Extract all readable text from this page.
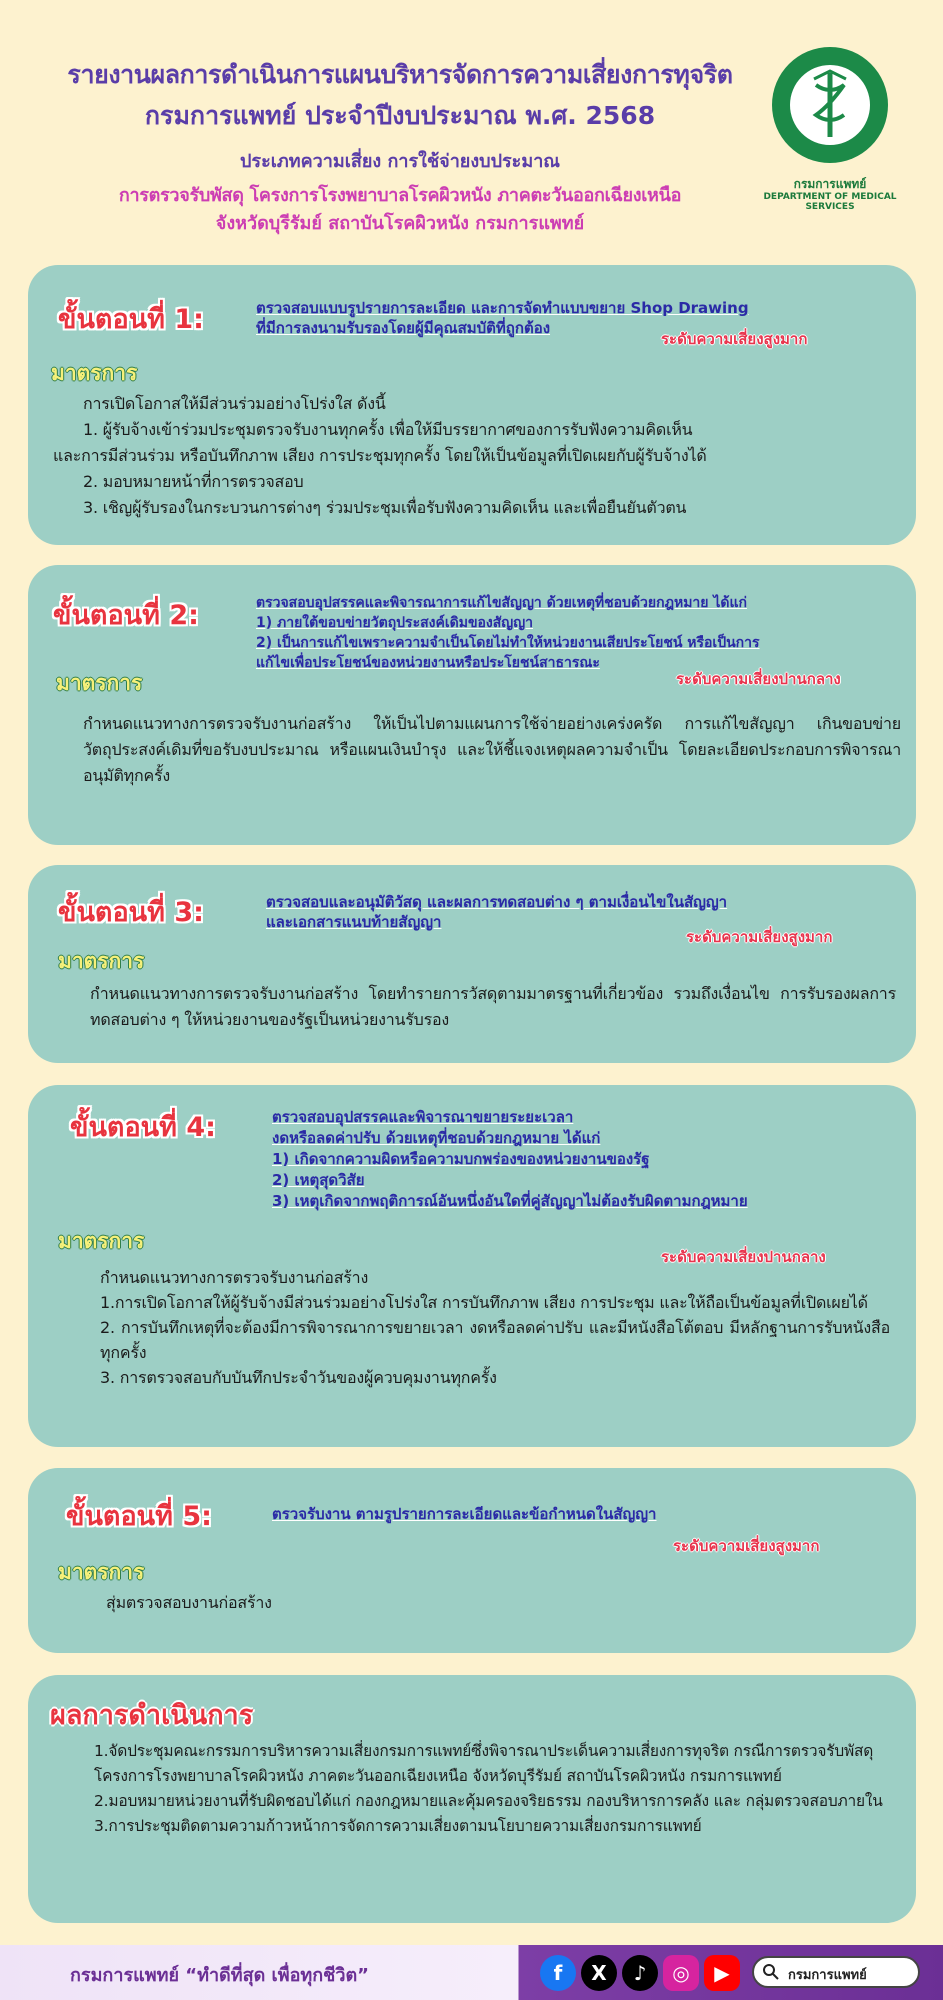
รายงานผลการดำเนินการแผนบริหารจัดการความเสี่ยงการทุจริต
กรมการแพทย์ ประจำปีงบประมาณ พ.ศ. 2568
ประเภทความเสี่ยง การใช้จ่ายงบประมาณ
การตรวจรับพัสดุ โครงการโรงพยาบาลโรคผิวหนัง ภาคตะวันออกเฉียงเหนือ
จังหวัดบุรีรัมย์ สถาบันโรคผิวหนัง กรมการแพทย์
กรมการแพทย์
DEPARTMENT OF MEDICAL SERVICES
ขั้นตอนที่ 1:	ตรวจสอบแบบรูปรายการละเอียด และการจัดทำแบบขยาย Shop Drawing
ที่มีการลงนามรับรองโดยผู้มีคุณสมบัติที่ถูกต้อง
ระดับความเสี่ยงสูงมาก
มาตรการ
การเปิดโอกาสให้มีส่วนร่วมอย่างโปร่งใส ดังนี้
1. ผู้รับจ้างเข้าร่วมประชุมตรวจรับงานทุกครั้ง เพื่อให้มีบรรยากาศของการรับฟังความคิดเห็น
และการมีส่วนร่วม หรือบันทึกภาพ เสียง การประชุมทุกครั้ง โดยให้เป็นข้อมูลที่เปิดเผยกับผู้รับจ้างได้
2. มอบหมายหน้าที่การตรวจสอบ
3. เชิญผู้รับรองในกระบวนการต่างๆ ร่วมประชุมเพื่อรับฟังความคิดเห็น และเพื่อยืนยันตัวตน
ขั้นตอนที่ 2:	ตรวจสอบอุปสรรคและพิจารณาการแก้ไขสัญญา ด้วยเหตุที่ชอบด้วยกฎหมาย ได้แก่
1) ภายใต้ขอบข่ายวัตถุประสงค์เดิมของสัญญา
2) เป็นการแก้ไขเพราะความจำเป็นโดยไม่ทำให้หน่วยงานเสียประโยชน์ หรือเป็นการ
แก้ไขเพื่อประโยชน์ของหน่วยงานหรือประโยชน์สาธารณะ
ระดับความเสี่ยงปานกลาง
มาตรการ
กำหนดแนวทางการตรวจรับงานก่อสร้าง ให้เป็นไปตามแผนการใช้จ่ายอย่างเคร่งครัด การแก้ไขสัญญา เกินขอบข่ายวัตถุประสงค์เดิมที่ขอรับงบประมาณ หรือแผนเงินบำรุง และให้ชี้แจงเหตุผลความจำเป็น โดยละเอียดประกอบการพิจารณาอนุมัติทุกครั้ง
ขั้นตอนที่ 3:	ตรวจสอบและอนุมัติวัสดุ และผลการทดสอบต่าง ๆ ตามเงื่อนไขในสัญญา
และเอกสารแนบท้ายสัญญา
ระดับความเสี่ยงสูงมาก
มาตรการ
กำหนดแนวทางการตรวจรับงานก่อสร้าง โดยทำรายการวัสดุตามมาตรฐานที่เกี่ยวข้อง รวมถึงเงื่อนไข การรับรองผลการทดสอบต่าง ๆ ให้หน่วยงานของรัฐเป็นหน่วยงานรับรอง
ขั้นตอนที่ 4:	ตรวจสอบอุปสรรคและพิจารณาขยายระยะเวลา
งดหรือลดค่าปรับ ด้วยเหตุที่ชอบด้วยกฎหมาย ได้แก่
1) เกิดจากความผิดหรือความบกพร่องของหน่วยงานของรัฐ
2) เหตุสุดวิสัย
3) เหตุเกิดจากพฤติการณ์อันหนึ่งอันใดที่คู่สัญญาไม่ต้องรับผิดตามกฎหมาย
ระดับความเสี่ยงปานกลาง
มาตรการ
กำหนดแนวทางการตรวจรับงานก่อสร้าง
1.การเปิดโอกาสให้ผู้รับจ้างมีส่วนร่วมอย่างโปร่งใส การบันทึกภาพ เสียง การประชุม และให้ถือเป็นข้อมูลที่เปิดเผยได้
2. การบันทึกเหตุที่จะต้องมีการพิจารณาการขยายเวลา งดหรือลดค่าปรับ และมีหนังสือโต้ตอบ มีหลักฐานการรับหนังสือทุกครั้ง
3. การตรวจสอบกับบันทึกประจำวันของผู้ควบคุมงานทุกครั้ง
ขั้นตอนที่ 5:	ตรวจรับงาน ตามรูปรายการละเอียดและข้อกำหนดในสัญญา
ระดับความเสี่ยงสูงมาก
มาตรการ
สุ่มตรวจสอบงานก่อสร้าง
ผลการดำเนินการ
1.จัดประชุมคณะกรรมการบริหารความเสี่ยงกรมการแพทย์ซึ่งพิจารณาประเด็นความเสี่ยงการทุจริต กรณีการตรวจรับพัสดุ โครงการโรงพยาบาลโรคผิวหนัง ภาคตะวันออกเฉียงเหนือ จังหวัดบุรีรัมย์ สถาบันโรคผิวหนัง กรมการแพทย์
2.มอบหมายหน่วยงานที่รับผิดชอบได้แก่ กองกฎหมายและคุ้มครองจริยธรรม กองบริหารการคลัง และ กลุ่มตรวจสอบภายใน
3.การประชุมติดตามความก้าวหน้าการจัดการความเสี่ยงตามนโยบายความเสี่ยงกรมการแพทย์
กรมการแพทย์ “ทำดีที่สุด เพื่อทุกชีวิต”	f	X	♪	◎	▶	กรมการแพทย์
